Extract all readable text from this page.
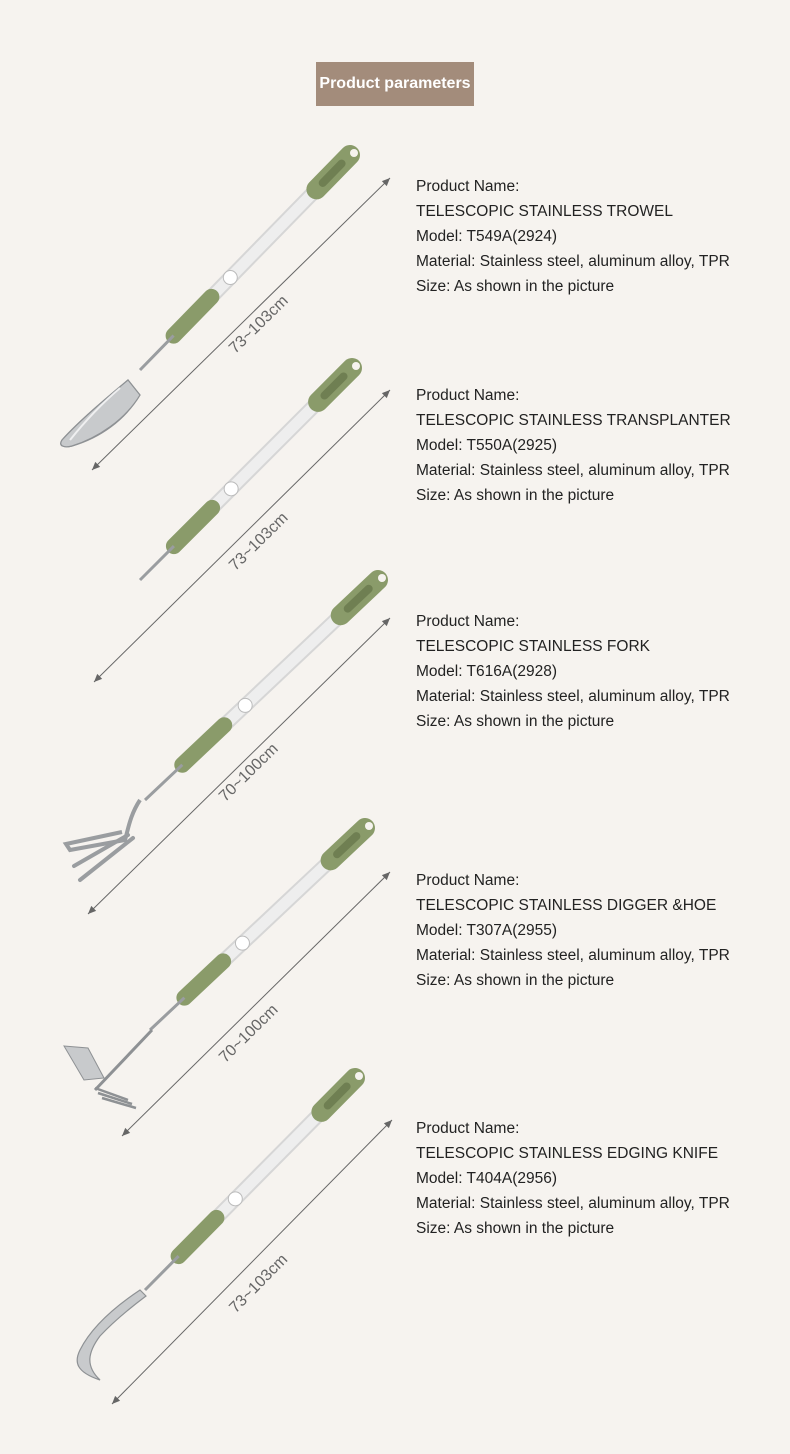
Product parameters
73~103cm
73~103cm
70~100cm
70~100cm
73~103cm
Product Name:
TELESCOPIC STAINLESS TROWEL
Model: T549A(2924)
Material: Stainless steel, aluminum alloy, TPR
Size: As shown in the picture
Product Name:
TELESCOPIC STAINLESS TRANSPLANTER
Model: T550A(2925)
Material: Stainless steel, aluminum alloy, TPR
Size: As shown in the picture
Product Name:
TELESCOPIC STAINLESS FORK
Model: T616A(2928)
Material: Stainless steel, aluminum alloy, TPR
Size: As shown in the picture
Product Name:
TELESCOPIC STAINLESS DIGGER &HOE
Model: T307A(2955)
Material: Stainless steel, aluminum alloy, TPR
Size: As shown in the picture
Product Name:
TELESCOPIC STAINLESS EDGING KNIFE
Model: T404A(2956)
Material: Stainless steel, aluminum alloy, TPR
Size: As shown in the picture
